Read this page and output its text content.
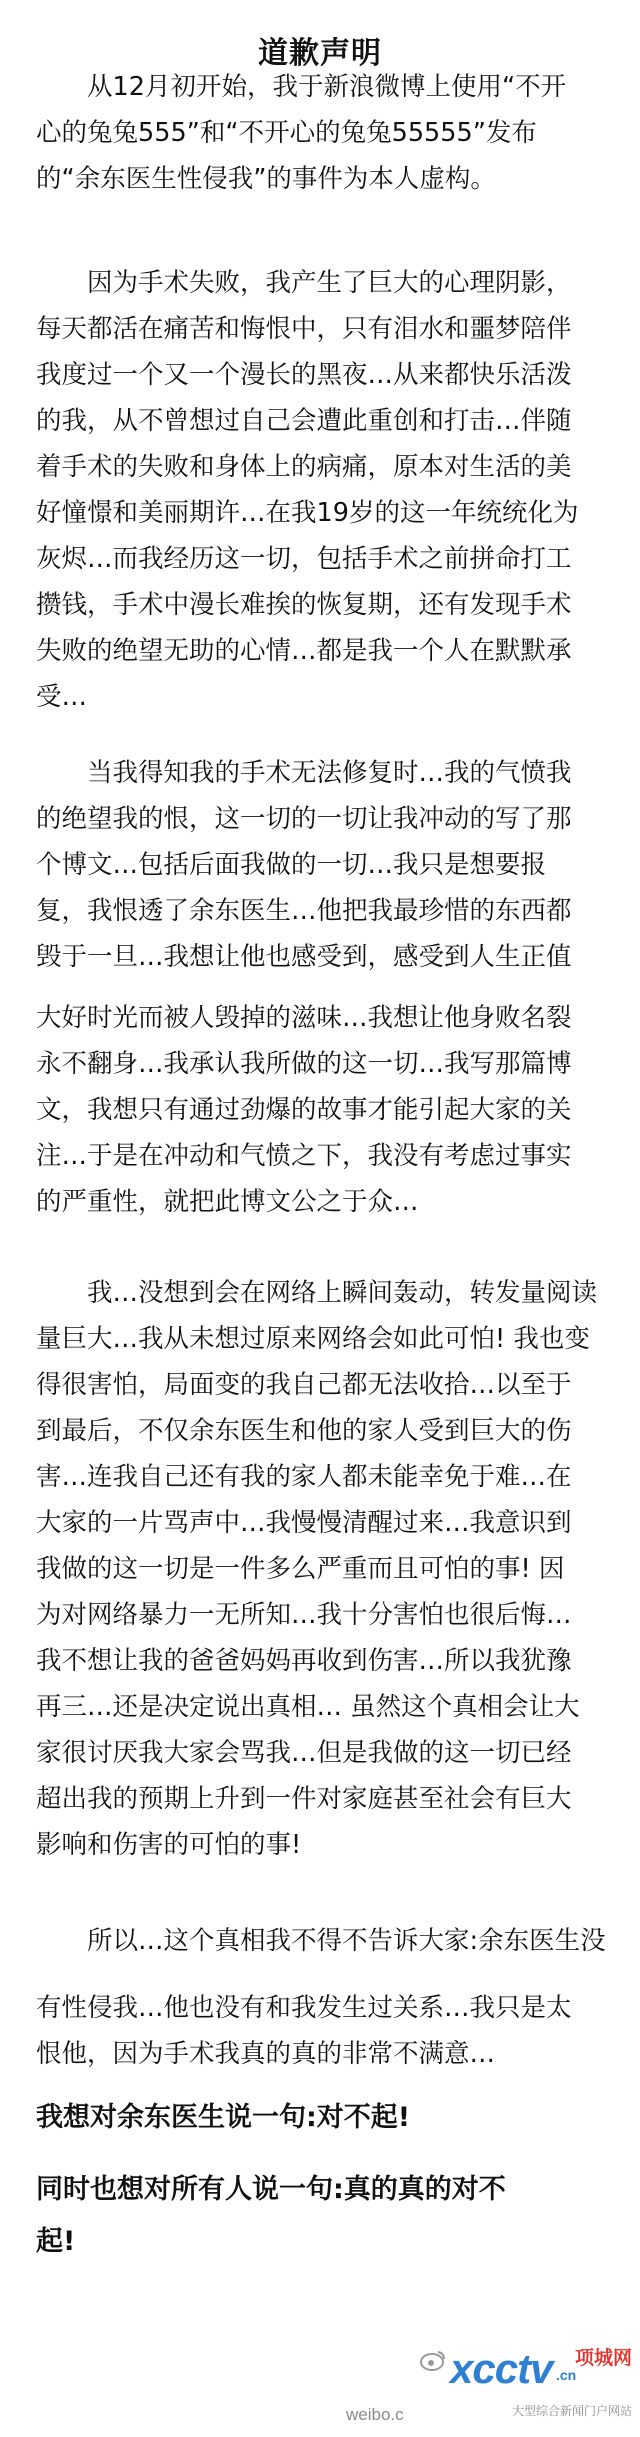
道歉声明
从12月初开始，我于新浪微博上使用“不开
心的兔兔555”和“不开心的兔兔55555”发布
的“余东医生性侵我”的事件为本人虚构。
因为手术失败，我产生了巨大的心理阴影，
每天都活在痛苦和悔恨中，只有泪水和噩梦陪伴
我度过一个又一个漫长的黑夜…从来都快乐活泼
的我，从不曾想过自己会遭此重创和打击…伴随
着手术的失败和身体上的病痛，原本对生活的美
好憧憬和美丽期许…在我19岁的这一年统统化为
灰烬…而我经历这一切，包括手术之前拼命打工
攒钱，手术中漫长难挨的恢复期，还有发现手术
失败的绝望无助的心情…都是我一个人在默默承
受…
当我得知我的手术无法修复时…我的气愤我
的绝望我的恨，这一切的一切让我冲动的写了那
个博文…包括后面我做的一切…我只是想要报
复，我恨透了余东医生…他把我最珍惜的东西都
毁于一旦…我想让他也感受到，感受到人生正值
大好时光而被人毁掉的滋味…我想让他身败名裂
永不翻身…我承认我所做的这一切…我写那篇博
文，我想只有通过劲爆的故事才能引起大家的关
注…于是在冲动和气愤之下，我没有考虑过事实
的严重性，就把此博文公之于众…
我…没想到会在网络上瞬间轰动，转发量阅读
量巨大…我从未想过原来网络会如此可怕! 我也变
得很害怕，局面变的我自己都无法收拾…以至于
到最后，不仅余东医生和他的家人受到巨大的伤
害…连我自己还有我的家人都未能幸免于难…在
大家的一片骂声中…我慢慢清醒过来…我意识到
我做的这一切是一件多么严重而且可怕的事! 因
为对网络暴力一无所知…我十分害怕也很后悔…
我不想让我的爸爸妈妈再收到伤害…所以我犹豫
再三…还是决定说出真相… 虽然这个真相会让大
家很讨厌我大家会骂我…但是我做的这一切已经
超出我的预期上升到一件对家庭甚至社会有巨大
影响和伤害的可怕的事!
所以…这个真相我不得不告诉大家:余东医生没
有性侵我…他也没有和我发生过关系…我只是太
恨他，因为手术我真的真的非常不满意…
我想对余东医生说一句:对不起!
同时也想对所有人说一句:真的真的对不
起!
weibo.c
xcctv .cn
项城网
大型综合新闻门户网站
